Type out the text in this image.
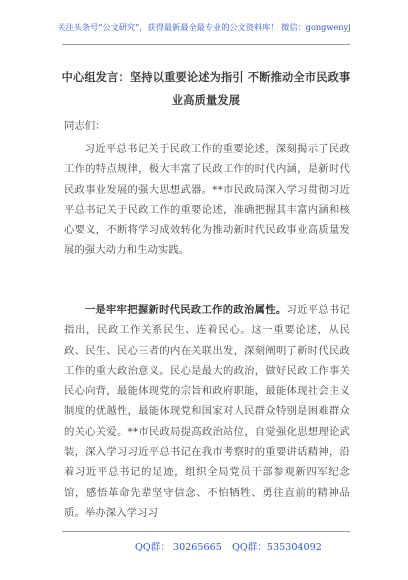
关注头条号“公文研究”，获得最新最全最专业的公文资料库！ 微信：gongwenyj
中心组发言：坚持以重要论述为指引 不断推动全市民政事业高质量发展
同志们：
习近平总书记关于民政工作的重要论述，深刻揭示了民政工作的特点规律，极大丰富了民政工作的时代内涵，是新时代民政事业发展的强大思想武器。**市民政局深入学习贯彻习近平总书记关于民政工作的重要论述，准确把握其丰富内涵和核心要义，不断将学习成效转化为推动新时代民政事业高质量发展的强大动力和生动实践。
一是牢牢把握新时代民政工作的政治属性。习近平总书记指出，民政工作关系民生、连着民心。这一重要论述，从民政、民生、民心三者的内在关联出发，深刻阐明了新时代民政工作的重大政治意义。民心是最大的政治，做好民政工作事关民心向背，最能体现党的宗旨和政府职能，最能体现社会主义制度的优越性，最能体现党和国家对人民群众特别是困难群众的关心关爱。**市民政局提高政治站位，自觉强化思想理论武装，深入学习习近平总书记在我市考察时的重要讲话精神，沿着习近平总书记的足迹，组织全局党员干部参观新四军纪念馆，感悟革命先辈坚守信念、不怕牺牲、勇往直前的精神品质。举办深入学习习
QQ群： 30265665 QQ群：535304092
